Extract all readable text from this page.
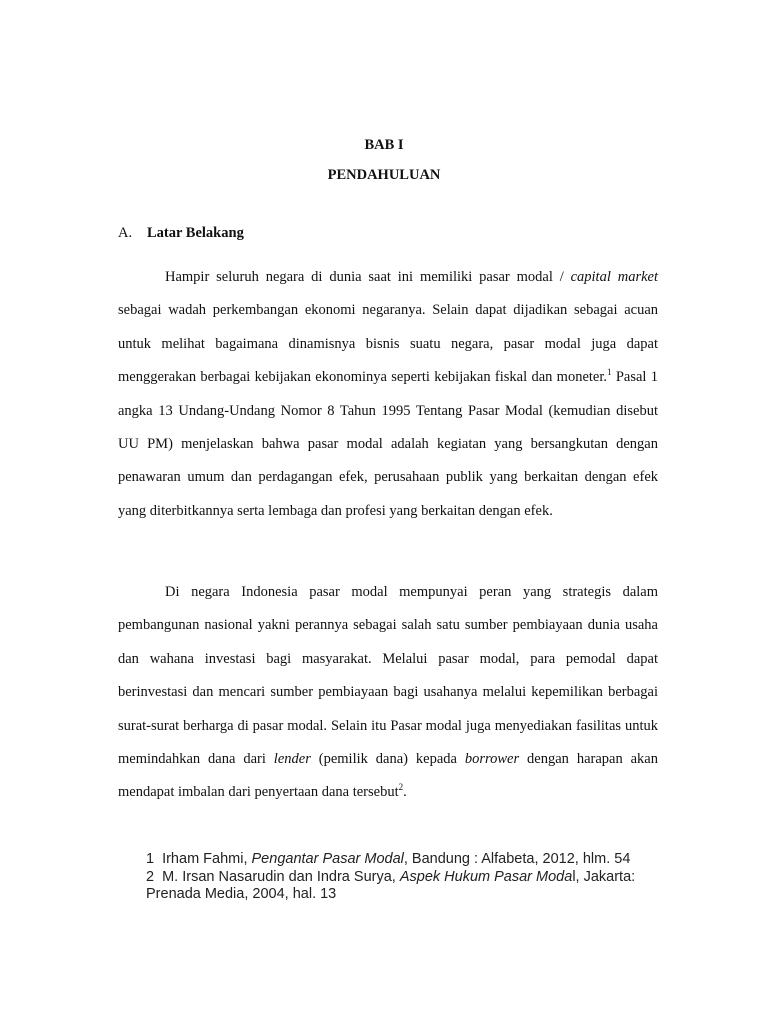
BAB I
PENDAHULUAN
A. Latar Belakang

Hampir seluruh negara di dunia saat ini memiliki pasar modal / capital market sebagai wadah perkembangan ekonomi negaranya. Selain dapat dijadikan sebagai acuan untuk melihat bagaimana dinamisnya bisnis suatu negara, pasar modal juga dapat menggerakan berbagai kebijakan ekonominya seperti kebijakan fiskal dan moneter.$^1$ Pasal 1 angka 13 Undang-Undang Nomor 8 Tahun 1995 Tentang Pasar Modal (kemudian disebut UU PM) menjelaskan bahwa pasar modal adalah kegiatan yang bersangkutan dengan penawaran umum dan perdagangan efek, perusahaan publik yang berkaitan dengan efek yang diterbitkannya serta lembaga dan profesi yang berkaitan dengan efek.

Di negara Indonesia pasar modal mempunyai peran yang strategis dalam pembangunan nasional yakni perannya sebagai salah satu sumber pembiayaan dunia usaha dan wahana investasi bagi masyarakat. Melalui pasar modal, para pemodal dapat berinvestasi dan mencari sumber pembiayaan bagi usahanya melalui kepemilikan berbagai surat-surat berharga di pasar modal. Selain itu Pasar modal juga menyediakan fasilitas untuk memindahkan dana dari lender (pemilik dana) kepada borrower dengan harapan akan mendapat imbalan dari penyertaan dana tersebut$^2$.

1 Irham Fahmi, Pengantar Pasar Modal, Bandung : Alfabeta, 2012, hlm. 54

2 M. Irsan Nasarudin dan Indra Surya, Aspek Hukum Pasar Modal, Jakarta: Prenada Media, 2004, hal. 13
